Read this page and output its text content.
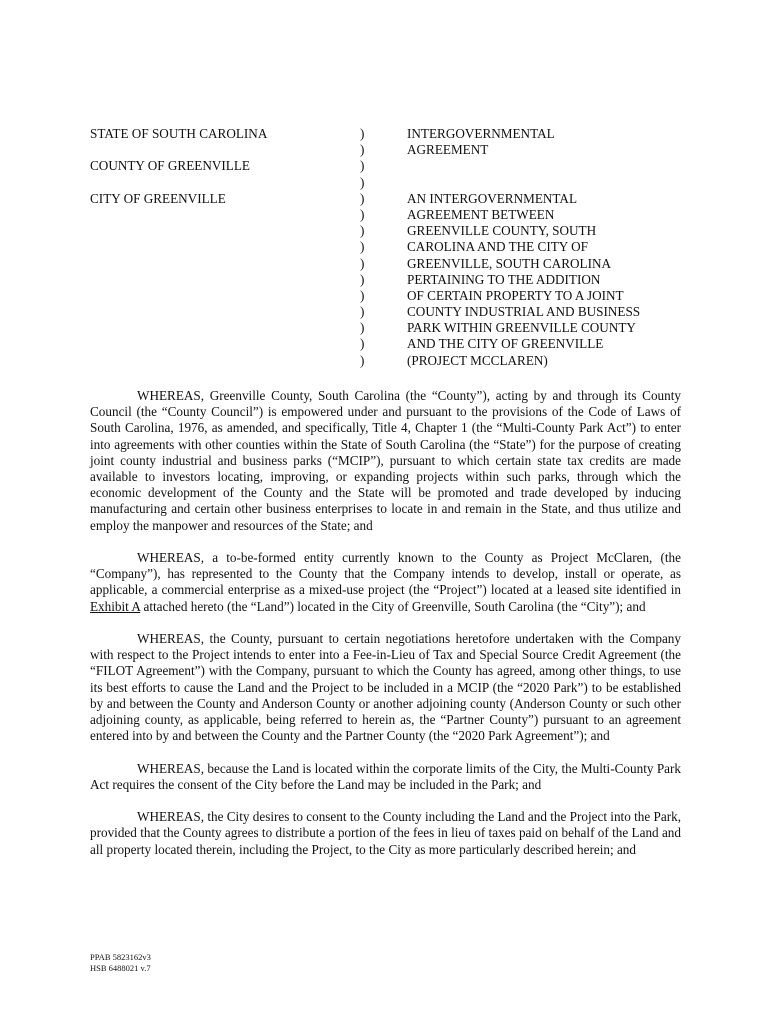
STATE OF SOUTH CAROLINA
COUNTY OF GREENVILLE
CITY OF GREENVILLE
)
)
)
)
)
)
)
)
)
)
)
)
)
)
)
INTERGOVERNMENTAL
AGREEMENT
AN INTERGOVERNMENTAL
AGREEMENT BETWEEN
GREENVILLE COUNTY, SOUTH
CAROLINA AND THE CITY OF
GREENVILLE, SOUTH CAROLINA
PERTAINING TO THE ADDITION
OF CERTAIN PROPERTY TO A JOINT
COUNTY INDUSTRIAL AND BUSINESS
PARK WITHIN GREENVILLE COUNTY
AND THE CITY OF GREENVILLE
(PROJECT MCCLAREN)

WHEREAS, Greenville County, South Carolina (the “County”), acting by and through its County Council (the “County Council”) is empowered under and pursuant to the provisions of the Code of Laws of South Carolina, 1976, as amended, and specifically, Title 4, Chapter 1 (the “Multi-County Park Act”) to enter into agreements with other counties within the State of South Carolina (the “State”) for the purpose of creating joint county industrial and business parks (“MCIP”), pursuant to which certain state tax credits are made available to investors locating, improving, or expanding projects within such parks, through which the economic development of the County and the State will be promoted and trade developed by inducing manufacturing and certain other business enterprises to locate in and remain in the State, and thus utilize and employ the manpower and resources of the State; and

WHEREAS, a to-be-formed entity currently known to the County as Project McClaren, (the “Company”), has represented to the County that the Company intends to develop, install or operate, as applicable, a commercial enterprise as a mixed-use project (the “Project”) located at a leased site identified in Exhibit A attached hereto (the “Land”) located in the City of Greenville, South Carolina (the “City”); and

WHEREAS, the County, pursuant to certain negotiations heretofore undertaken with the Company with respect to the Project intends to enter into a Fee-in-Lieu of Tax and Special Source Credit Agreement (the “FILOT Agreement”) with the Company, pursuant to which the County has agreed, among other things, to use its best efforts to cause the Land and the Project to be included in a MCIP (the “2020 Park”) to be established by and between the County and Anderson County or another adjoining county (Anderson County or such other adjoining county, as applicable, being referred to herein as, the “Partner County”) pursuant to an agreement entered into by and between the County and the Partner County (the “2020 Park Agreement”); and

WHEREAS, because the Land is located within the corporate limits of the City, the Multi-County Park Act requires the consent of the City before the Land may be included in the Park; and

WHEREAS, the City desires to consent to the County including the Land and the Project into the Park, provided that the County agrees to distribute a portion of the fees in lieu of taxes paid on behalf of the Land and all property located therein, including the Project, to the City as more particularly described herein; and

PPAB 5823162v3
HSB 6488021 v.7
